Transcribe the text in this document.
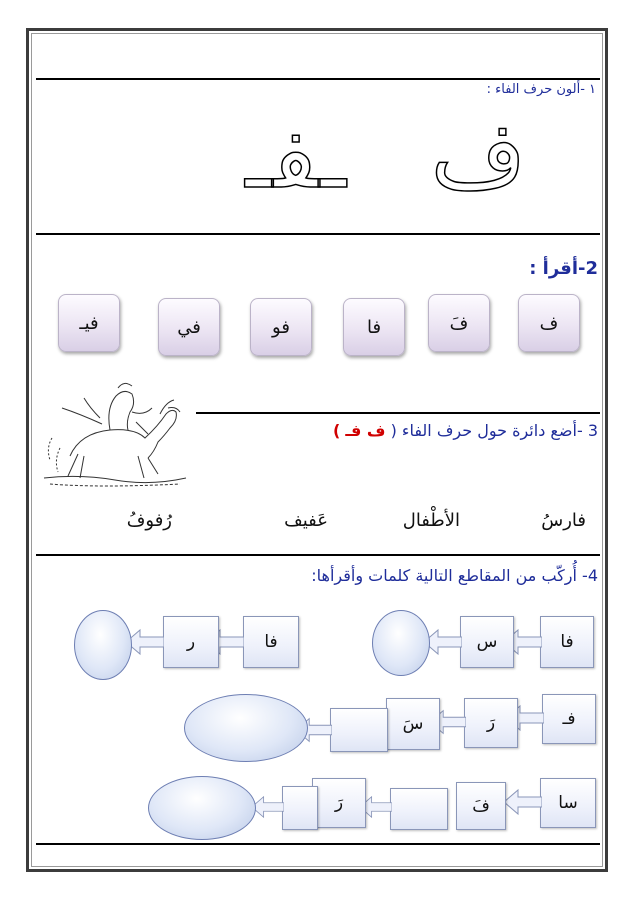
١ -ألون حرف الفاء :
ف
ـفـ
2-أقرأ :
ف
فَ
فا
فو
في
فيـ
3 -أضع دائرة حول حرف الفاء ( ف فـ )
فارسُ
الأطْفال
عَفيف
رُفوفُ
4- أُركّب من المقاطع التالية كلمات وأقرأها:
فا
س
فا
ر
فـ
رَ
سَ
سا
فَ
رَ
